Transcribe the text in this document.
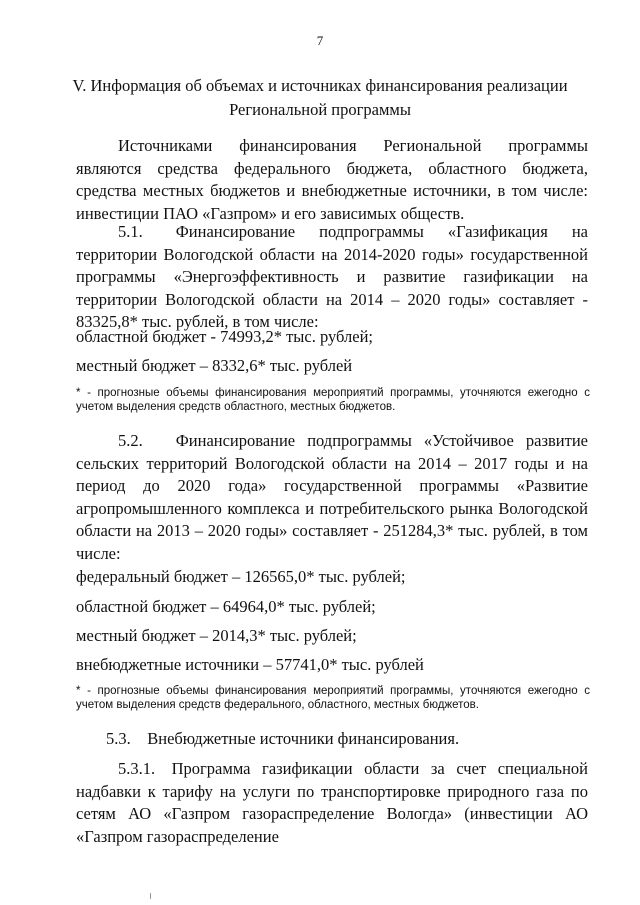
7
V. Информация об объемах и источниках финансирования реализации
Региональной программы
Источниками финансирования Региональной программы являются средства федерального бюджета, областного бюджета, средства местных бюджетов и внебюджетные источники, в том числе: инвестиции ПАО «Газпром» и его зависимых обществ.
5.1.  Финансирование подпрограммы «Газификация на территории Вологодской области на 2014-2020 годы» государственной программы «Энергоэффективность и развитие газификации на территории Вологодской области на 2014 – 2020 годы» составляет - 83325,8* тыс. рублей, в том числе:
областной бюджет - 74993,2* тыс. рублей;
местный бюджет – 8332,6* тыс. рублей
* - прогнозные объемы финансирования мероприятий программы, уточняются ежегодно с учетом выделения средств областного, местных бюджетов.
5.2.  Финансирование подпрограммы «Устойчивое развитие сельских территорий Вологодской области на 2014 – 2017 годы и на период до 2020 года» государственной программы «Развитие агропромышленного комплекса и потребительского рынка Вологодской области на 2013 – 2020 годы» составляет - 251284,3* тыс. рублей, в том числе:
федеральный бюджет – 126565,0* тыс. рублей;
областной бюджет – 64964,0* тыс. рублей;
местный бюджет – 2014,3* тыс. рублей;
внебюджетные источники – 57741,0* тыс. рублей
* - прогнозные объемы финансирования мероприятий программы, уточняются ежегодно с учетом выделения средств федерального, областного, местных бюджетов.
5.3. Внебюджетные источники финансирования.
5.3.1. Программа газификации области за счет специальной надбавки к тарифу на услуги по транспортировке природного газа по сетям АО «Газпром газораспределение Вологда» (инвестиции АО «Газпром газораспределение
